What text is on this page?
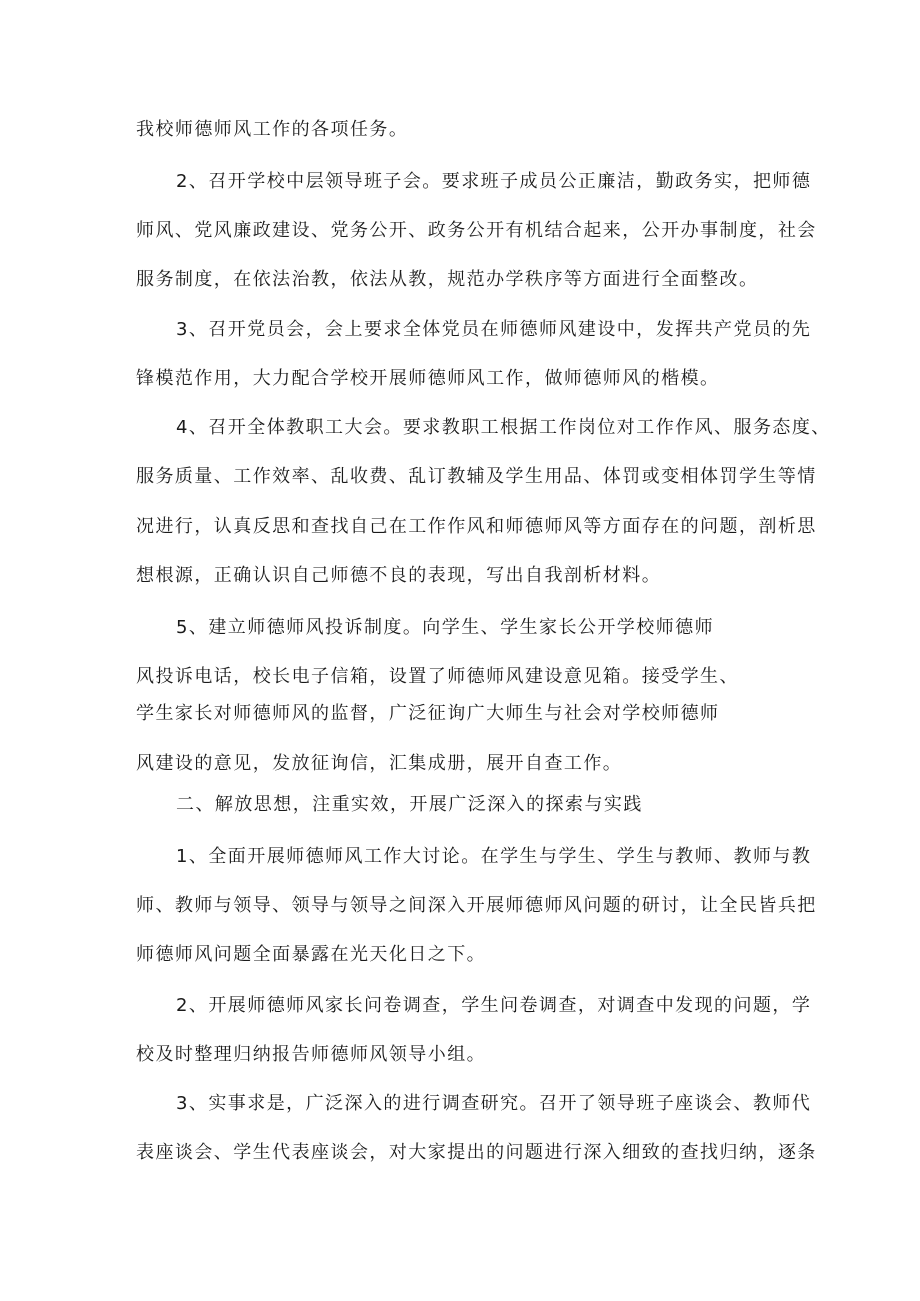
我校师德师风工作的各项任务。
2、召开学校中层领导班子会。要求班子成员公正廉洁，勤政务实，把师德
师风、党风廉政建设、党务公开、政务公开有机结合起来，公开办事制度，社会
服务制度，在依法治教，依法从教，规范办学秩序等方面进行全面整改。
3、召开党员会，会上要求全体党员在师德师风建设中，发挥共产党员的先
锋模范作用，大力配合学校开展师德师风工作，做师德师风的楷模。
4、召开全体教职工大会。要求教职工根据工作岗位对工作作风、服务态度、
服务质量、工作效率、乱收费、乱订教辅及学生用品、体罚或变相体罚学生等情
况进行，认真反思和查找自己在工作作风和师德师风等方面存在的问题，剖析思
想根源，正确认识自己师德不良的表现，写出自我剖析材料。
5、建立师德师风投诉制度。向学生、学生家长公开学校师德师
风投诉电话，校长电子信箱，设置了师德师风建设意见箱。接受学生、
学生家长对师德师风的监督，广泛征询广大师生与社会对学校师德师
风建设的意见，发放征询信，汇集成册，展开自查工作。
二、解放思想，注重实效，开展广泛深入的探索与实践
1、全面开展师德师风工作大讨论。在学生与学生、学生与教师、教师与教
师、教师与领导、领导与领导之间深入开展师德师风问题的研讨，让全民皆兵把
师德师风问题全面暴露在光天化日之下。
2、开展师德师风家长问卷调查，学生问卷调查，对调查中发现的问题，学
校及时整理归纳报告师德师风领导小组。
3、实事求是，广泛深入的进行调查研究。召开了领导班子座谈会、教师代
表座谈会、学生代表座谈会，对大家提出的问题进行深入细致的查找归纳，逐条
